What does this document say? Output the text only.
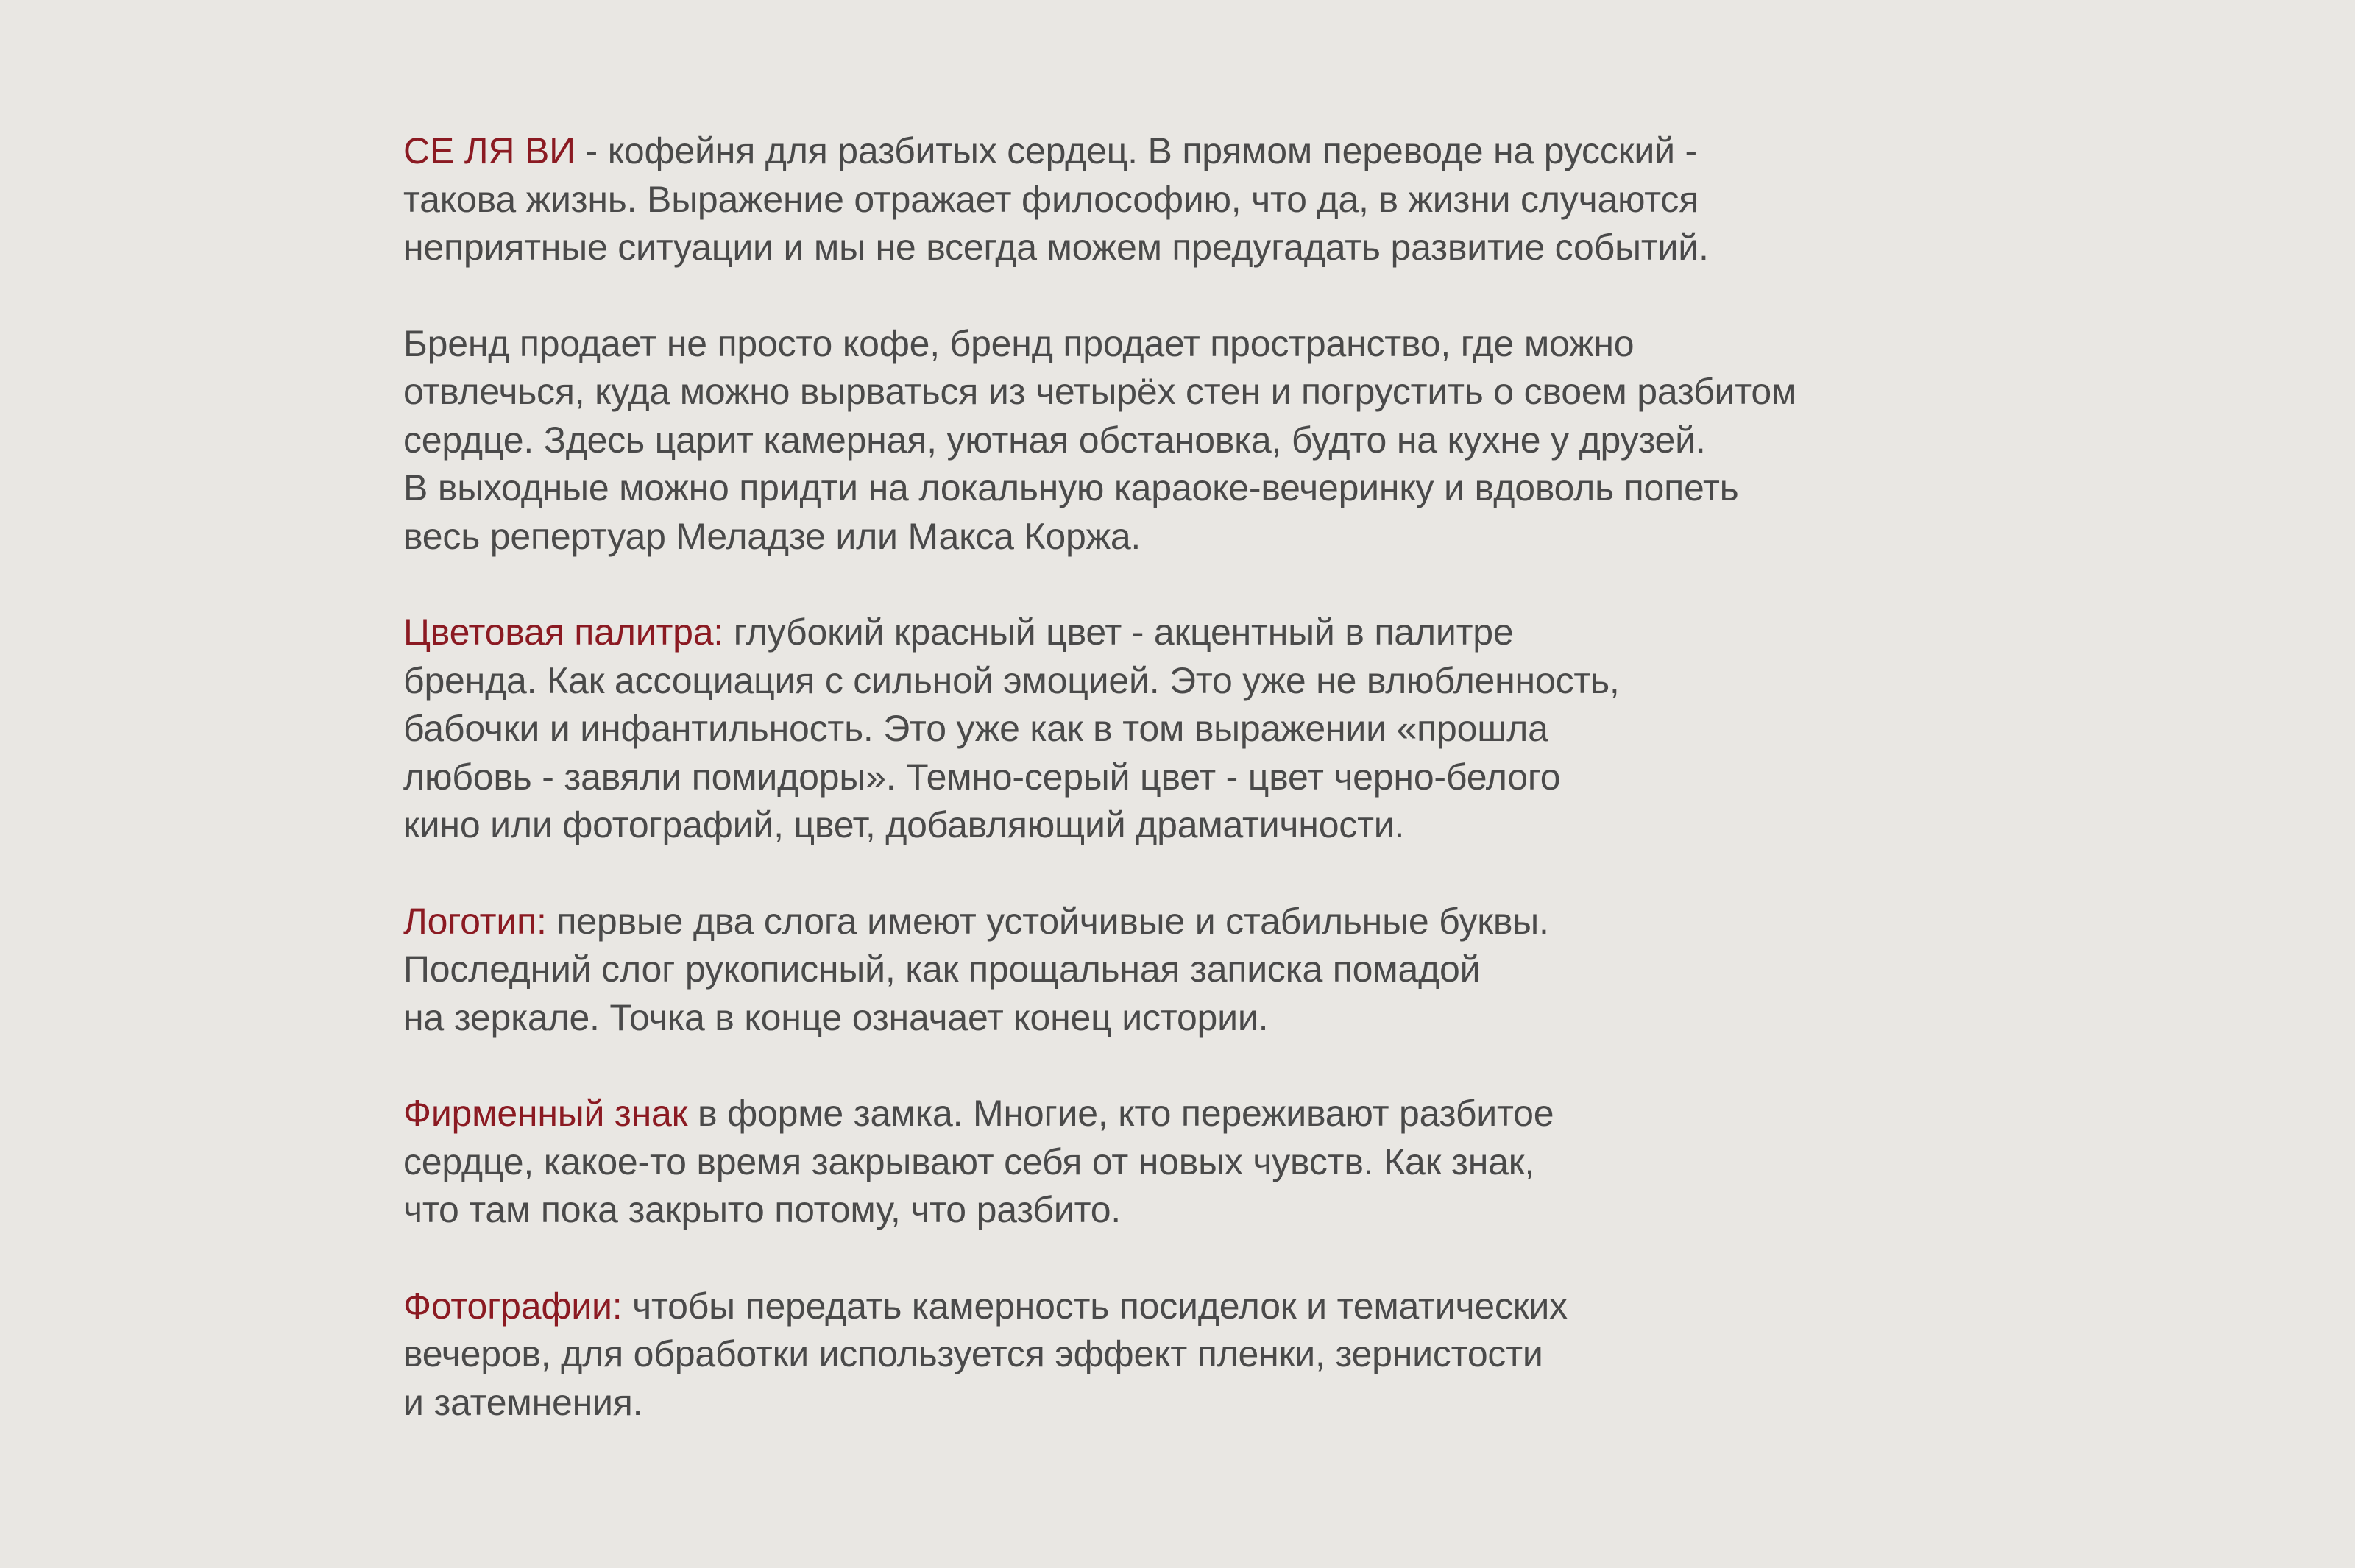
СЕ ЛЯ ВИ - кофейня для разбитых сердец. В прямом переводе на русский -
такова жизнь. Выражение отражает философию, что да, в жизни случаются
неприятные ситуации и мы не всегда можем предугадать развитие событий.

Бренд продает не просто кофе, бренд продает пространство, где можно
отвлечься, куда можно вырваться из четырёх стен и погрустить о своем разбитом
сердце. Здесь царит камерная, уютная обстановка, будто на кухне у друзей.
В выходные можно придти на локальную караоке-вечеринку и вдоволь попеть
весь репертуар Меладзе или Макса Коржа.

Цветовая палитра: глубокий красный цвет - акцентный в палитре
бренда. Как ассоциация с сильной эмоцией. Это уже не влюбленность,
бабочки и инфантильность. Это уже как в том выражении «прошла
любовь - завяли помидоры». Темно-серый цвет - цвет черно-белого
кино или фотографий, цвет, добавляющий драматичности.

Логотип: первые два слога имеют устойчивые и стабильные буквы.
Последний слог рукописный, как прощальная записка помадой
на зеркале. Точка в конце означает конец истории.

Фирменный знак в форме замка. Многие, кто переживают разбитое
сердце, какое-то время закрывают себя от новых чувств. Как знак,
что там пока закрыто потому, что разбито.

Фотографии: чтобы передать камерность посиделок и тематических
вечеров, для обработки используется эффект пленки, зернистости
и затемнения.
